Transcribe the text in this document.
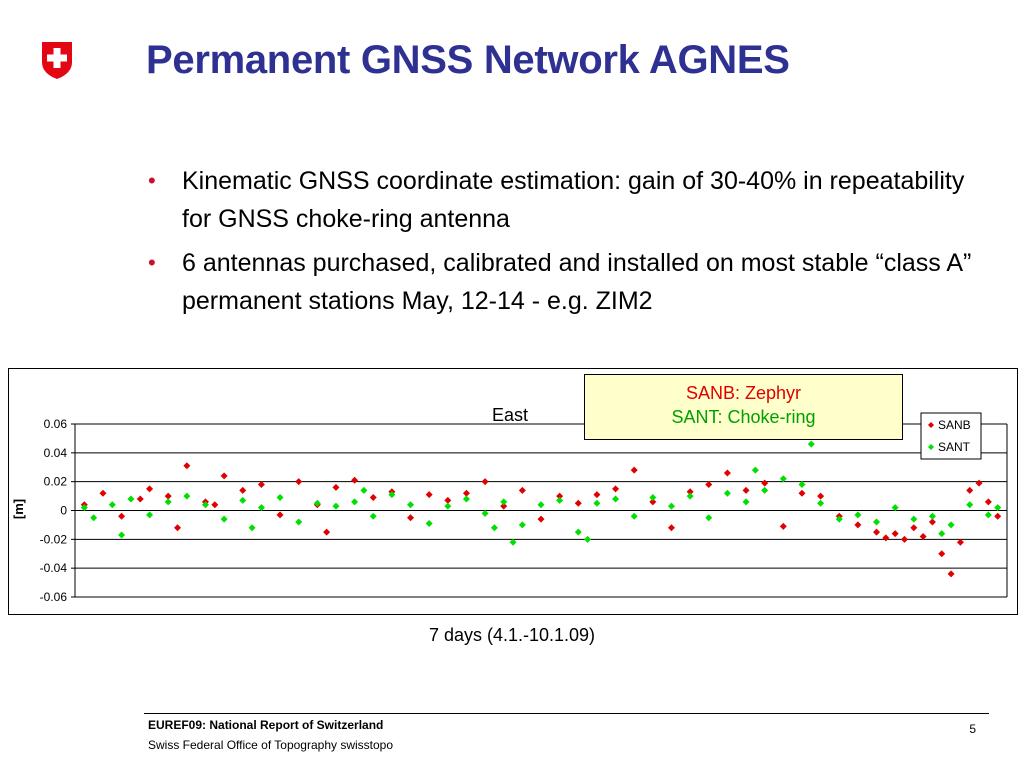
Permanent GNSS Network AGNES
• Kinematic GNSS coordinate estimation: gain of 30-40% in repeatability for GNSS choke-ring antenna
• 6 antennas purchased, calibrated and installed on most stable “class A” permanent stations May, 12-14 - e.g. ZIM2
0.06
0.04
0.02
0
-0.02
-0.04
-0.06
East
[m]
SANB
SANT
SANB: Zephyr
SANT: Choke-ring
7 days (4.1.-10.1.09)
EUREF09: National Report of Switzerland
Swiss Federal Office of Topography swisstopo
5
